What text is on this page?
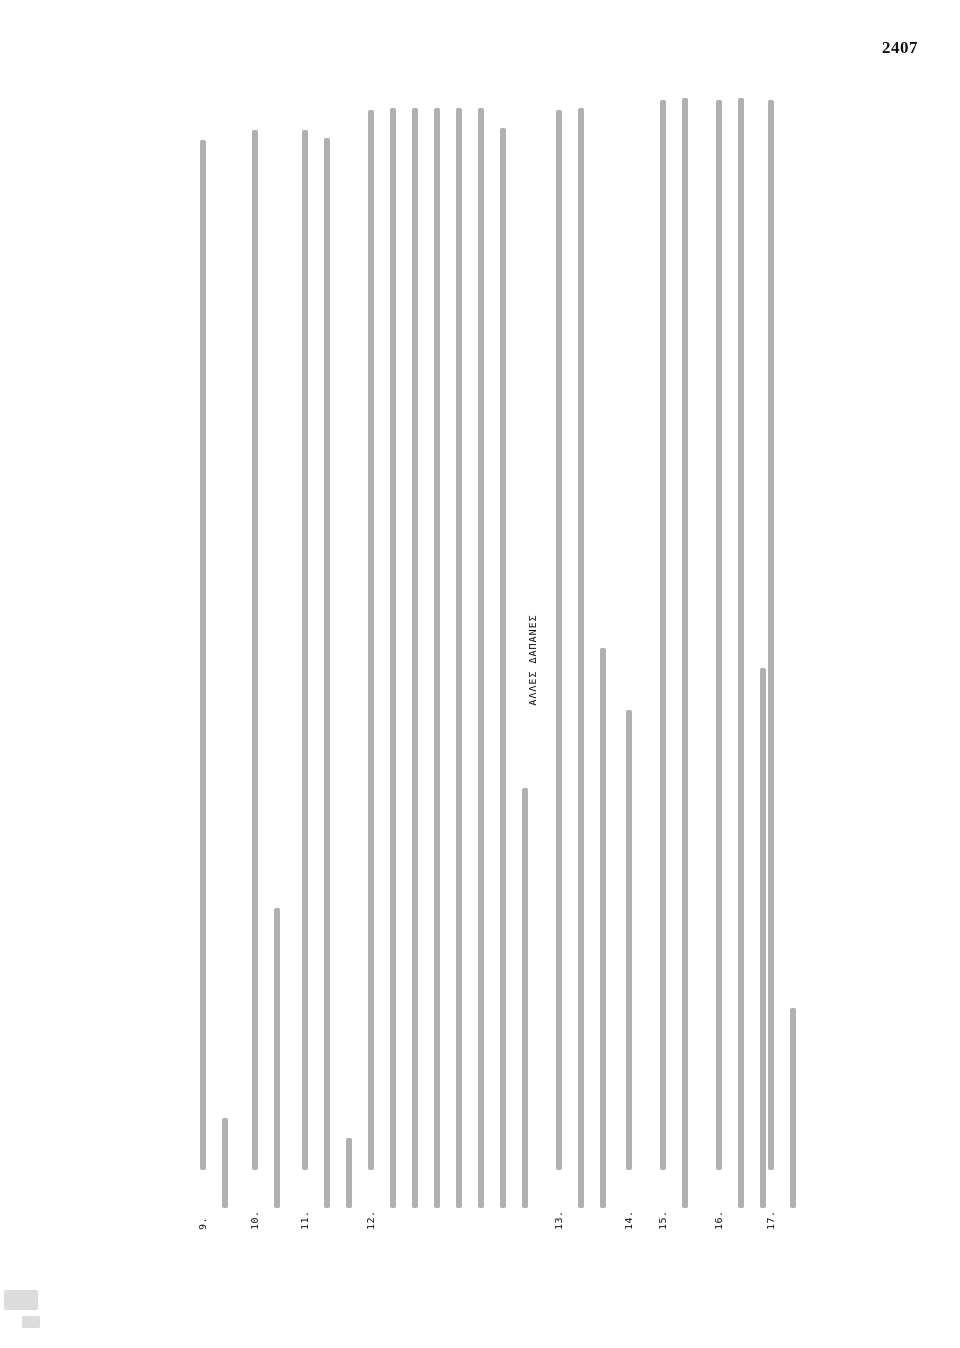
2407
9.	10.	11.	12.
ΑΛΛΕΣ ΔΑΠΑΝΕΣ
13.	14. 15.	16.	17.
